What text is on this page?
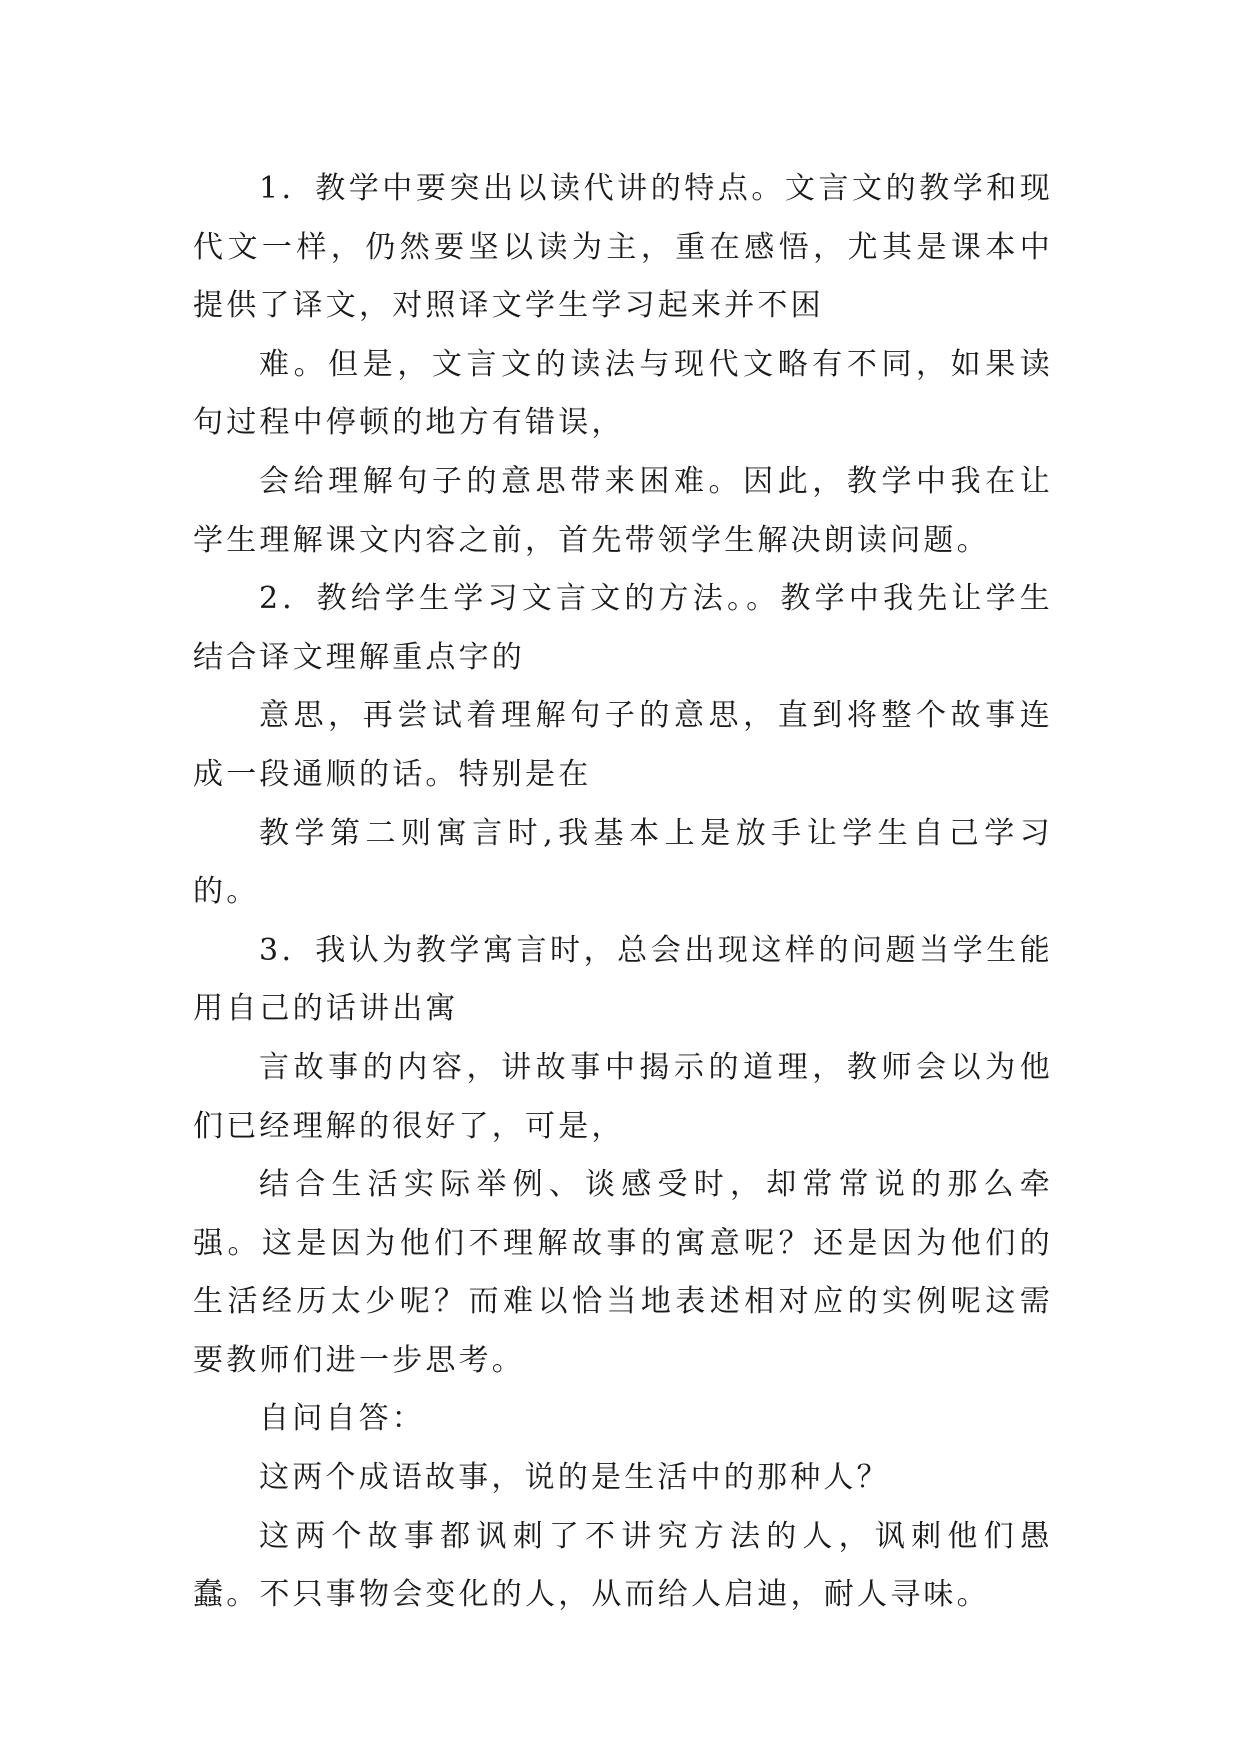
1．教学中要突出以读代讲的特点。文言文的教学和现代文一样，仍然要坚以读为主，重在感悟，尤其是课本中提供了译文，对照译文学生学习起来并不困

难。但是，文言文的读法与现代文略有不同，如果读句过程中停顿的地方有错误，

会给理解句子的意思带来困难。因此，教学中我在让学生理解课文内容之前，首先带领学生解决朗读问题。

2．教给学生学习文言文的方法。。教学中我先让学生结合译文理解重点字的

意思，再尝试着理解句子的意思，直到将整个故事连成一段通顺的话。特别是在

教学第二则寓言时,我基本上是放手让学生自己学习的。

3．我认为教学寓言时，总会出现这样的问题当学生能用自己的话讲出寓

言故事的内容，讲故事中揭示的道理，教师会以为他们已经理解的很好了，可是，

结合生活实际举例、谈感受时，却常常说的那么牵强。这是因为他们不理解故事的寓意呢？还是因为他们的生活经历太少呢？而难以恰当地表述相对应的实例呢这需要教师们进一步思考。

自问自答：

这两个成语故事，说的是生活中的那种人？

这两个故事都讽刺了不讲究方法的人，讽刺他们愚蠢。不只事物会变化的人，从而给人启迪，耐人寻味。
